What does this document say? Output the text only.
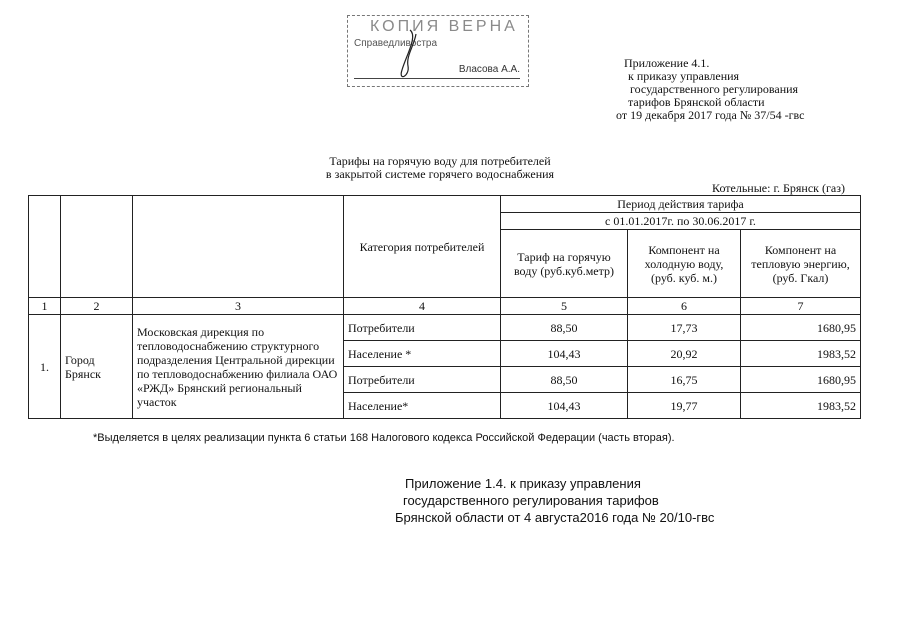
КОПИЯ ВЕРНА
Справедливостра
Власова А.А.	Приложение 4.1.
к приказу управления
государственного регулирования
тарифов Брянской области
от 19 декабря 2017 года № 37/54 -гвс
Тарифы на горячую воду для потребителей
в закрытой системе горячего водоснабжения
Котельные: г. Брянск (газ)
			Категория потребителей	Период действия тарифа		
				с 01.01.2017г. по 30.06.2017 г.		
				Тариф на горячую воду (руб.куб.метр)	Компонент на холодную воду, (руб. куб. м.)	Компонент на тепловую энергию, (руб. Гкал)
1	2	3	4	5	6	7
1.	Город Брянск	Московская дирекция по тепловодоснабжению структурного подразделения Центральной дирекции по тепловодоснабжению филиала ОАО «РЖД» Брянский региональный участок	Потребители	88,50	17,73	1680,95
			Население *	104,43	20,92	1983,52
			Потребители	88,50	16,75	1680,95
			Население*	104,43	19,77	1983,52
*Выделяется в целях реализации пункта 6 статьи 168 Налогового кодекса Российской Федерации (часть вторая).
Приложение 1.4. к приказу управления
государственного регулирования тарифов
Брянской области от 4 августа2016 года № 20/10-гвс
